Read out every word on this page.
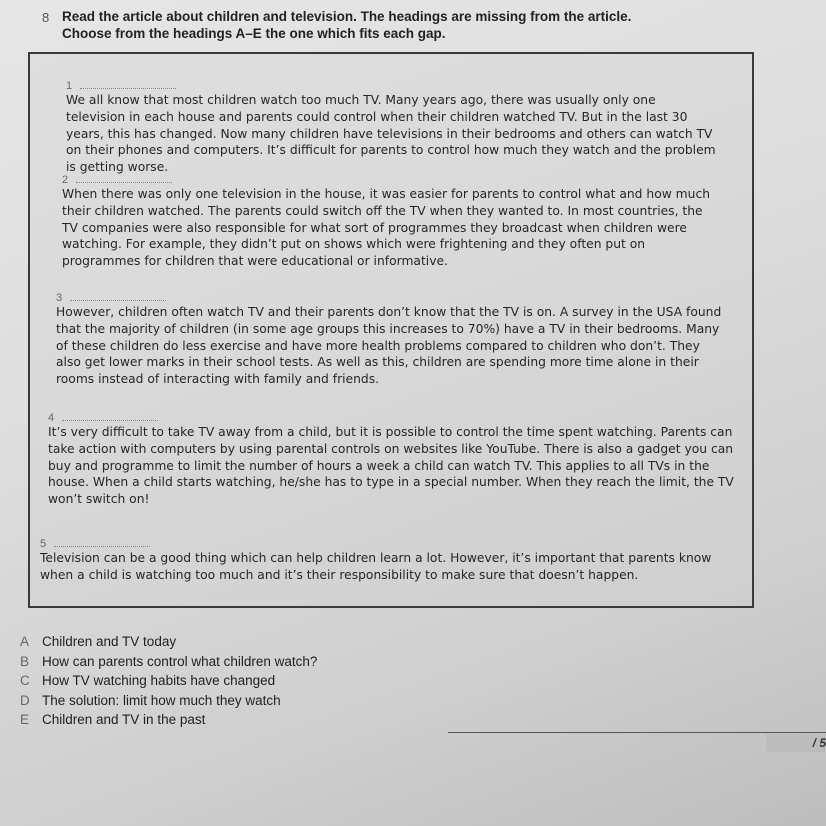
8 Read the article about children and television. The headings are missing from the article.
Choose from the headings A–E the one which fits each gap.
1

We all know that most children watch too much TV. Many years ago, there was usually only one television in each house and parents could control when their children watched TV. But in the last 30 years, this has changed. Now many children have televisions in their bedrooms and others can watch TV on their phones and computers. It’s difficult for parents to control how much they watch and the problem is getting worse.

2

When there was only one television in the house, it was easier for parents to control what and how much their children watched. The parents could switch off the TV when they wanted to. In most countries, the TV companies were also responsible for what sort of programmes they broadcast when children were watching. For example, they didn’t put on shows which were frightening and they often put on programmes for children that were educational or informative.

3

However, children often watch TV and their parents don’t know that the TV is on. A survey in the USA found that the majority of children (in some age groups this increases to 70%) have a TV in their bedrooms. Many of these children do less exercise and have more health problems compared to children who don’t. They also get lower marks in their school tests. As well as this, children are spending more time alone in their rooms instead of interacting with family and friends.

4

It’s very difficult to take TV away from a child, but it is possible to control the time spent watching. Parents can take action with computers by using parental controls on websites like YouTube. There is also a gadget you can buy and programme to limit the number of hours a week a child can watch TV. This applies to all TVs in the house. When a child starts watching, he/she has to type in a special number. When they reach the limit, the TV won’t switch on!

5

Television can be a good thing which can help children learn a lot. However, it’s important that parents know when a child is watching too much and it’s their responsibility to make sure that doesn’t happen.

A Children and TV today
B How can parents control what children watch?
C How TV watching habits have changed
D The solution: limit how much they watch
E Children and TV in the past
/ 5
